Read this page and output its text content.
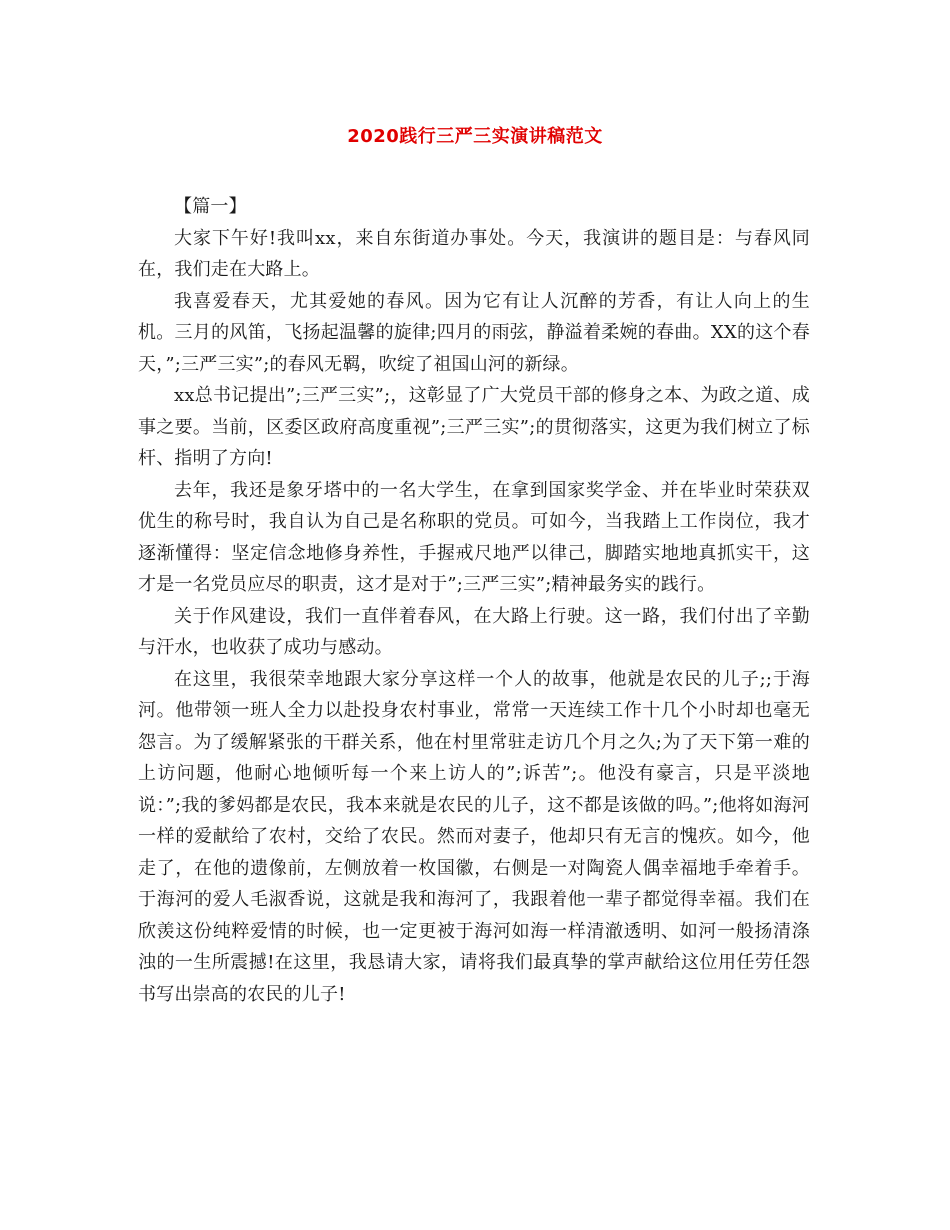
2020践行三严三实演讲稿范文

【篇一】

大家下午好!我叫xx，来自东街道办事处。今天，我演讲的题目是：与春风同在，我们走在大路上。

我喜爱春天，尤其爱她的春风。因为它有让人沉醉的芳香，有让人向上的生机。三月的风笛，飞扬起温馨的旋律;四月的雨弦，静溢着柔婉的春曲。XX的这个春天，”;三严三实”;的春风无羁，吹绽了祖国山河的新绿。

xx总书记提出”;三严三实”;，这彰显了广大党员干部的修身之本、为政之道、成事之要。当前，区委区政府高度重视”;三严三实”;的贯彻落实，这更为我们树立了标杆、指明了方向!

去年，我还是象牙塔中的一名大学生，在拿到国家奖学金、并在毕业时荣获双优生的称号时，我自认为自己是名称职的党员。可如今，当我踏上工作岗位，我才逐渐懂得：坚定信念地修身养性，手握戒尺地严以律己，脚踏实地地真抓实干，这才是一名党员应尽的职责，这才是对于”;三严三实”;精神最务实的践行。

关于作风建设，我们一直伴着春风，在大路上行驶。这一路，我们付出了辛勤与汗水，也收获了成功与感动。

在这里，我很荣幸地跟大家分享这样一个人的故事，他就是农民的儿子;;于海河。他带领一班人全力以赴投身农村事业，常常一天连续工作十几个小时却也毫无怨言。为了缓解紧张的干群关系，他在村里常驻走访几个月之久;为了天下第一难的上访问题，他耐心地倾听每一个来上访人的”;诉苦”;。他没有豪言，只是平淡地说：”;我的爹妈都是农民，我本来就是农民的儿子，这不都是该做的吗。”;他将如海河一样的爱献给了农村，交给了农民。然而对妻子，他却只有无言的愧疚。如今，他走了，在他的遗像前，左侧放着一枚国徽，右侧是一对陶瓷人偶幸福地手牵着手。于海河的爱人毛淑香说，这就是我和海河了，我跟着他一辈子都觉得幸福。我们在欣羡这份纯粹爱情的时候，也一定更被于海河如海一样清澈透明、如河一般扬清涤浊的一生所震撼!在这里，我恳请大家，请将我们最真挚的掌声献给这位用任劳任怨书写出崇高的农民的儿子!
